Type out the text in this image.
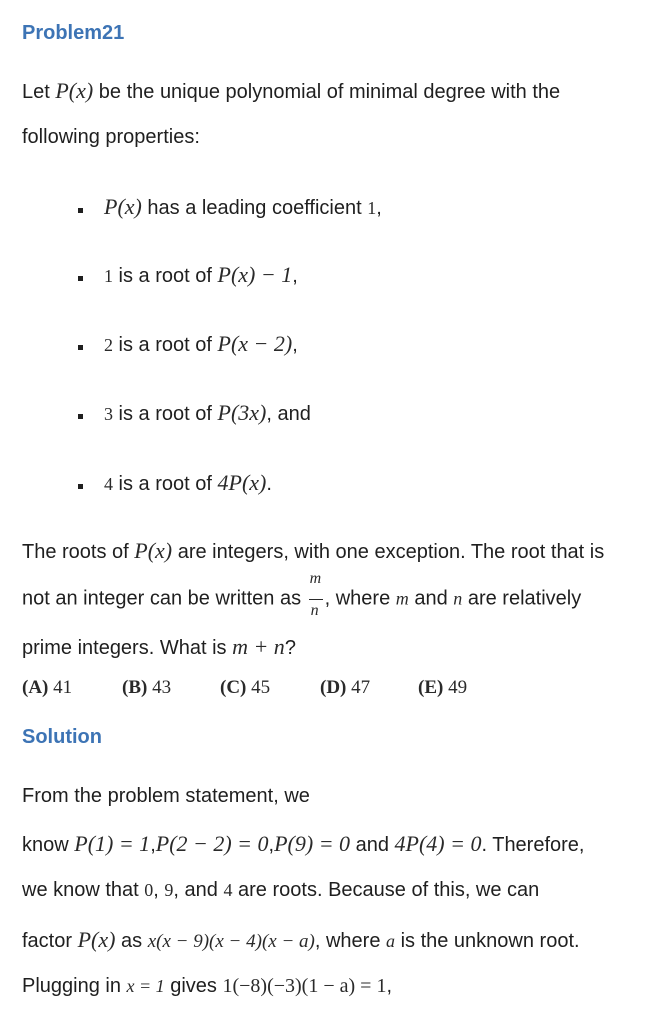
Problem21
Let P(x) be the unique polynomial of minimal degree with the
following properties:
P(x) has a leading coefficient 1,
1 is a root of P(x) − 1,
2 is a root of P(x − 2),
3 is a root of P(3x), and
4 is a root of 4P(x).
The roots of P(x) are integers, with one exception. The root that is
not an integer can be written as $\frac{m}{n}$ , where m and n are relatively
prime integers. What is m + n?
(A) 41	(B) 43	(C) 45	(D) 47	(E) 49
Solution
From the problem statement, we
know P(1) = 1,P(2 − 2) = 0,P(9) = 0 and 4P(4) = 0. Therefore,
we know that 0, 9, and 4 are roots. Because of this, we can
factor P(x) as x(x − 9)(x − 4)(x − a), where a is the unknown root.
Plugging in x = 1 gives 1(−8)(−3)(1 − a) = 1,
